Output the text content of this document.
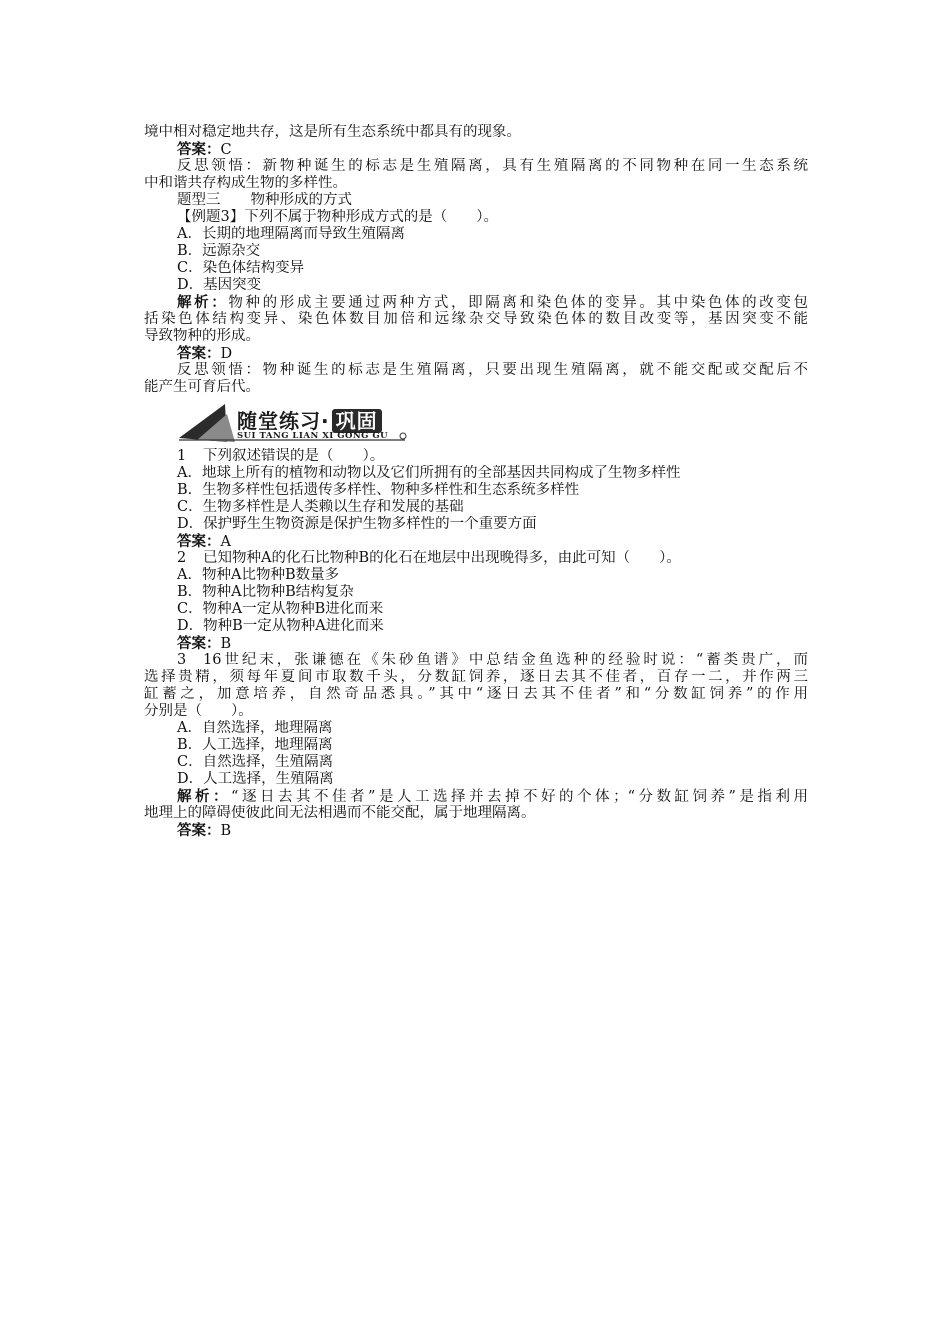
境中相对稳定地共存，这是所有生态系统中都具有的现象。
答案：C
反思领悟：新物种诞生的标志是生殖隔离，具有生殖隔离的不同物种在同一生态系统
中和谐共存构成生物的多样性。
题型三 物种形成的方式
【例题3】下列不属于物种形成方式的是（　　）。
A．长期的地理隔离而导致生殖隔离
B．远源杂交
C．染色体结构变异
D．基因突变
解析：物种的形成主要通过两种方式，即隔离和染色体的变异。其中染色体的改变包
括染色体结构变异、染色体数目加倍和远缘杂交导致染色体的数目改变等，基因突变不能
导致物种的形成。
答案：D
反思领悟：物种诞生的标志是生殖隔离，只要出现生殖隔离，就不能交配或交配后不
能产生可育后代。
随堂练习· 巩固
SUI TANG LIAN XI GONG GU
1 下列叙述错误的是（　　）。
A．地球上所有的植物和动物以及它们所拥有的全部基因共同构成了生物多样性
B．生物多样性包括遗传多样性、物种多样性和生态系统多样性
C．生物多样性是人类赖以生存和发展的基础
D．保护野生生物资源是保护生物多样性的一个重要方面
答案：A
2 已知物种A的化石比物种B的化石在地层中出现晚得多，由此可知（　　）。
A．物种A比物种B数量多
B．物种A比物种B结构复杂
C．物种A一定从物种B进化而来
D．物种B一定从物种A进化而来
答案：B
3 16世纪末，张谦德在《朱砂鱼谱》中总结金鱼选种的经验时说：“蓄类贵广，而
选择贵精，须每年夏间市取数千头，分数缸饲养，逐日去其不佳者，百存一二，并作两三
缸蓄之，加意培养，自然奇品悉具。”其中“逐日去其不佳者”和“分数缸饲养”的作用
分别是（　　）。
A．自然选择，地理隔离
B．人工选择，地理隔离
C．自然选择，生殖隔离
D．人工选择，生殖隔离
解析：“逐日去其不佳者”是人工选择并去掉不好的个体；“分数缸饲养”是指利用
地理上的障碍使彼此间无法相遇而不能交配，属于地理隔离。
答案：B
